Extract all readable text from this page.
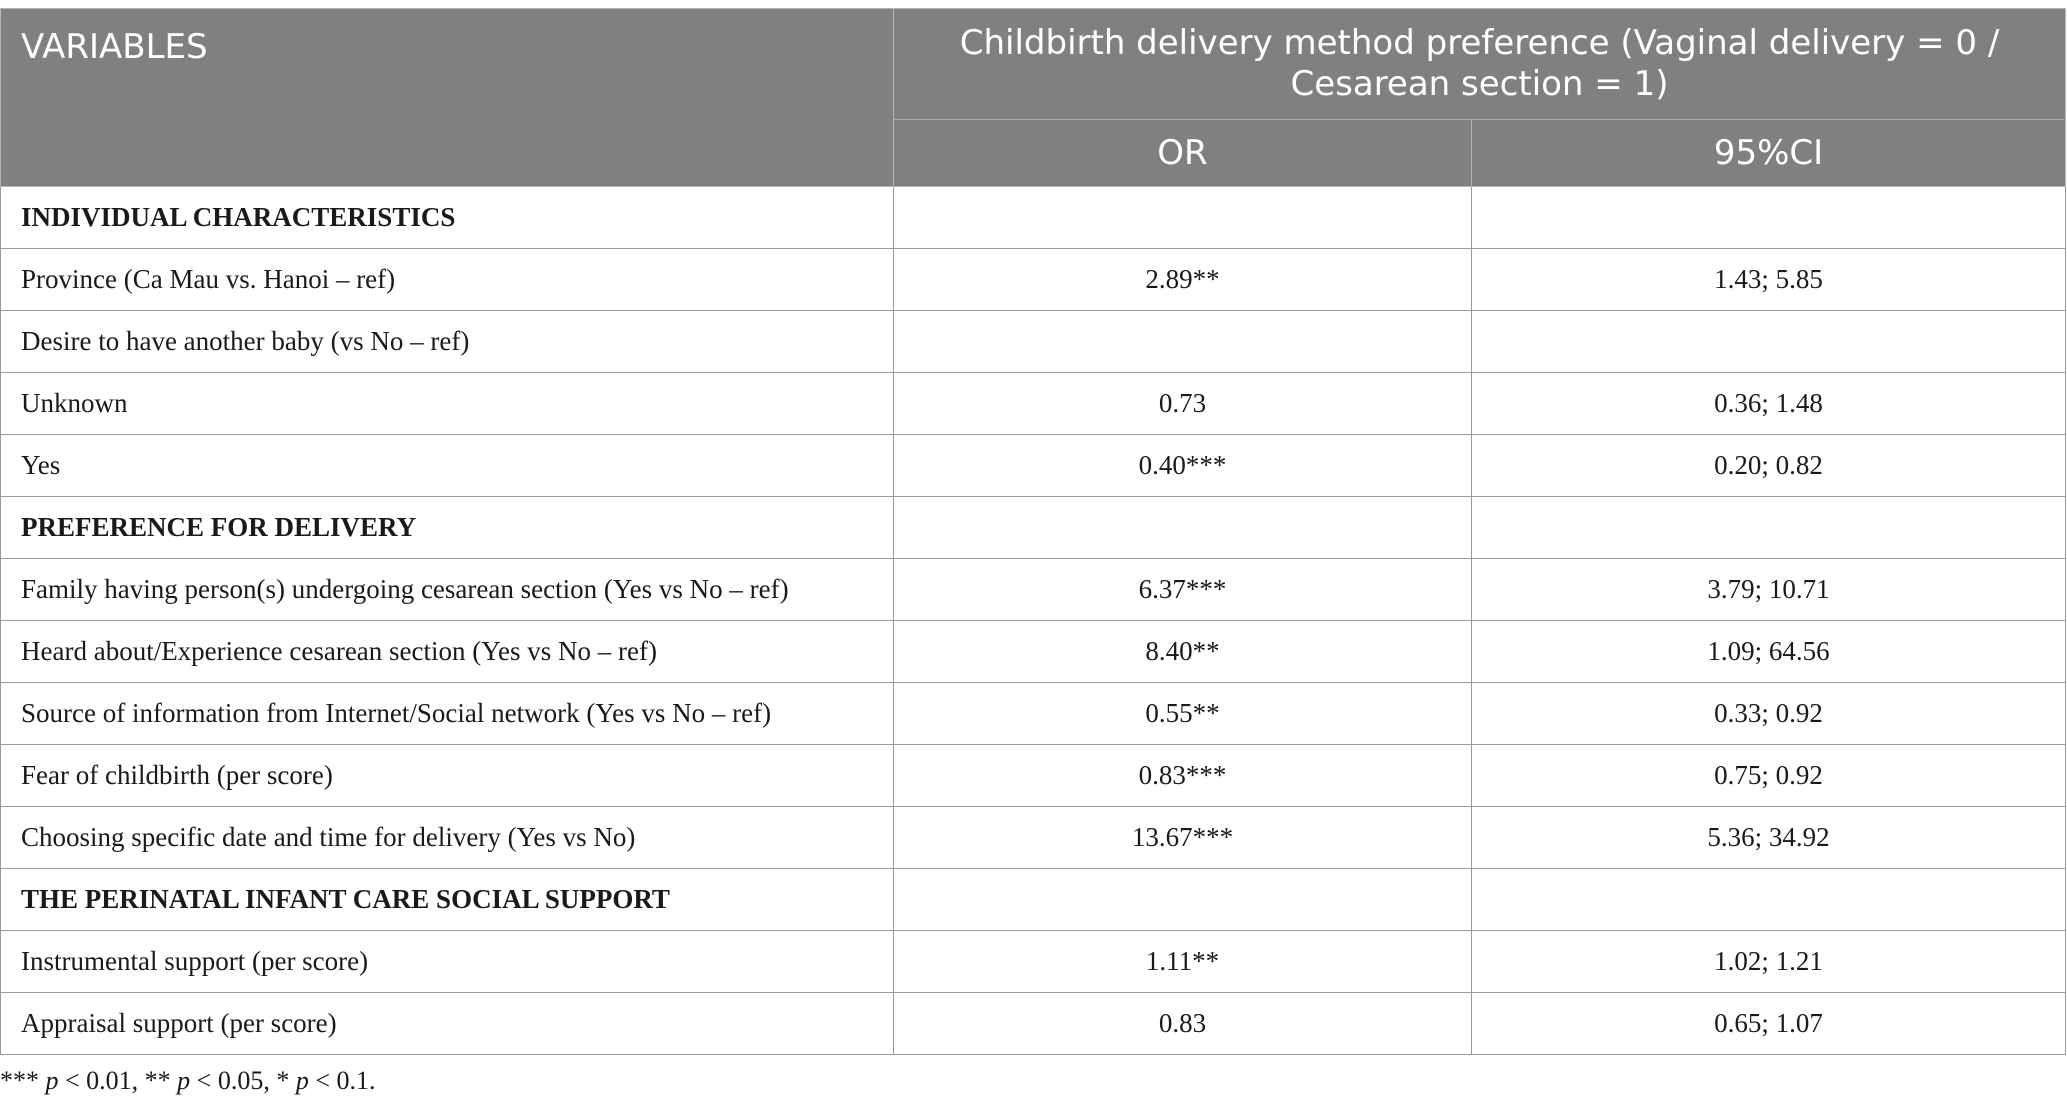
VARIABLES	Childbirth delivery method preference (Vaginal delivery = 0 / Cesarean section = 1)	
	OR	95%CI
INDIVIDUAL CHARACTERISTICS		
Province (Ca Mau vs. Hanoi – ref)	2.89**	1.43; 5.85
Desire to have another baby (vs No – ref)		
Unknown	0.73	0.36; 1.48
Yes	0.40***	0.20; 0.82
PREFERENCE FOR DELIVERY		
Family having person(s) undergoing cesarean section (Yes vs No – ref)	6.37***	3.79; 10.71
Heard about/Experience cesarean section (Yes vs No – ref)	8.40**	1.09; 64.56
Source of information from Internet/Social network (Yes vs No – ref)	0.55**	0.33; 0.92
Fear of childbirth (per score)	0.83***	0.75; 0.92
Choosing specific date and time for delivery (Yes vs No)	13.67***	5.36; 34.92
THE PERINATAL INFANT CARE SOCIAL SUPPORT		
Instrumental support (per score)	1.11**	1.02; 1.21
Appraisal support (per score)	0.83	0.65; 1.07
*** p < 0.01, ** p < 0.05, * p < 0.1.
